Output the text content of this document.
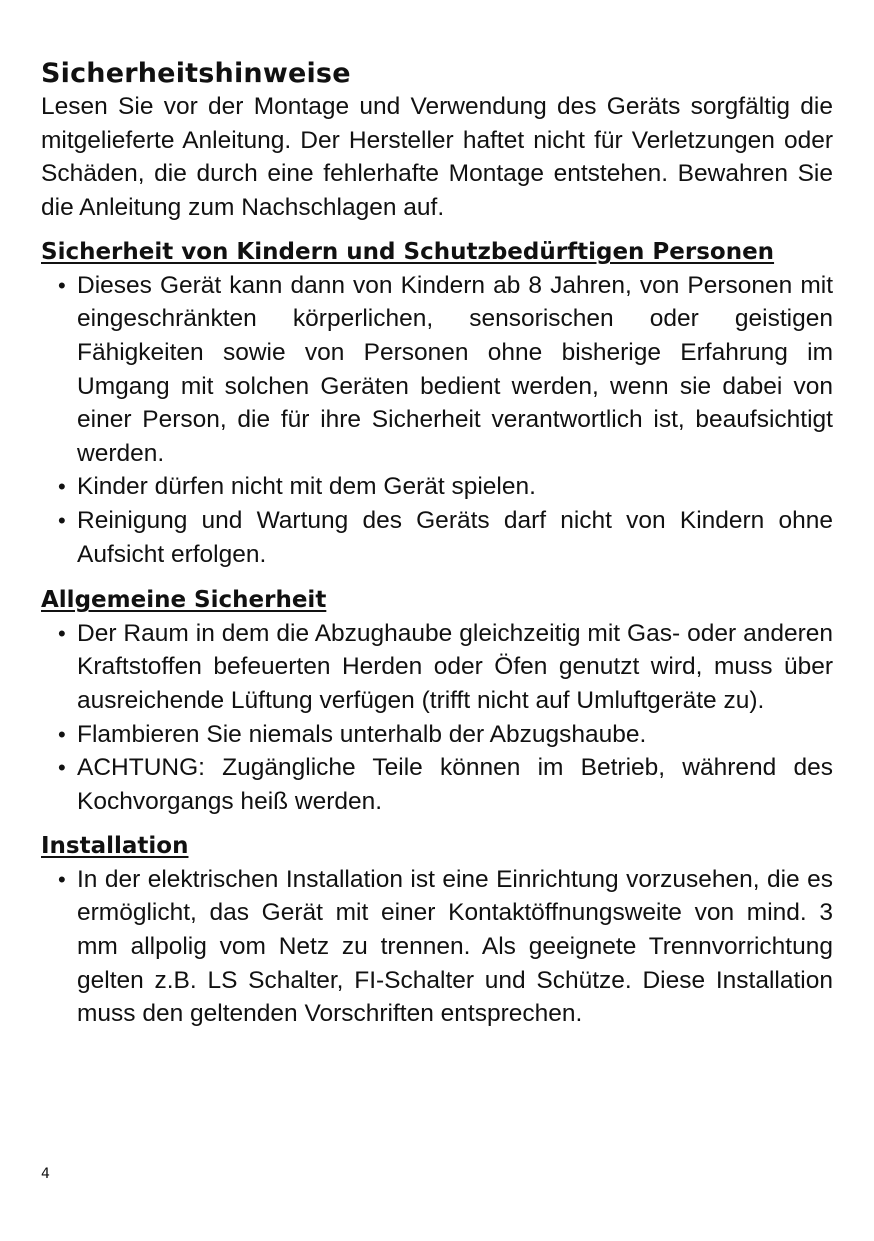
Sicherheitshinweise

Lesen Sie vor der Montage und Verwendung des Geräts sorgfältig die mitgelieferte Anleitung. Der Hersteller haftet nicht für Verletzungen oder Schäden, die durch eine fehlerhafte Montage entstehen. Bewahren Sie die Anleitung zum Nachschlagen auf.

Sicherheit von Kindern und Schutzbedürftigen Personen
• Dieses Gerät kann dann von Kindern ab 8 Jahren, von Personen mit eingeschränkten körperlichen, sensorischen oder geistigen Fähigkeiten sowie von Personen ohne bisherige Erfahrung im Umgang mit solchen Geräten bedient werden, wenn sie dabei von einer Person, die für ihre Sicherheit verantwortlich ist, beaufsichtigt werden.
• Kinder dürfen nicht mit dem Gerät spielen.
• Reinigung und Wartung des Geräts darf nicht von Kindern ohne Aufsicht erfolgen.
Allgemeine Sicherheit
• Der Raum in dem die Abzughaube gleichzeitig mit Gas- oder anderen Kraftstoffen befeuerten Herden oder Öfen genutzt wird, muss über ausreichende Lüftung verfügen (trifft nicht auf Umluftgeräte zu).
• Flambieren Sie niemals unterhalb der Abzugshaube.
• ACHTUNG: Zugängliche Teile können im Betrieb, während des Kochvorgangs heiß werden.
Installation
• In der elektrischen Installation ist eine Einrichtung vorzusehen, die es ermöglicht, das Gerät mit einer Kontaktöffnungsweite von mind. 3 mm allpolig vom Netz zu trennen. Als geeignete Trennvorrichtung gelten z.B. LS Schalter, FI-Schalter und Schütze. Diese Installation muss den geltenden Vorschriften entsprechen.
4
